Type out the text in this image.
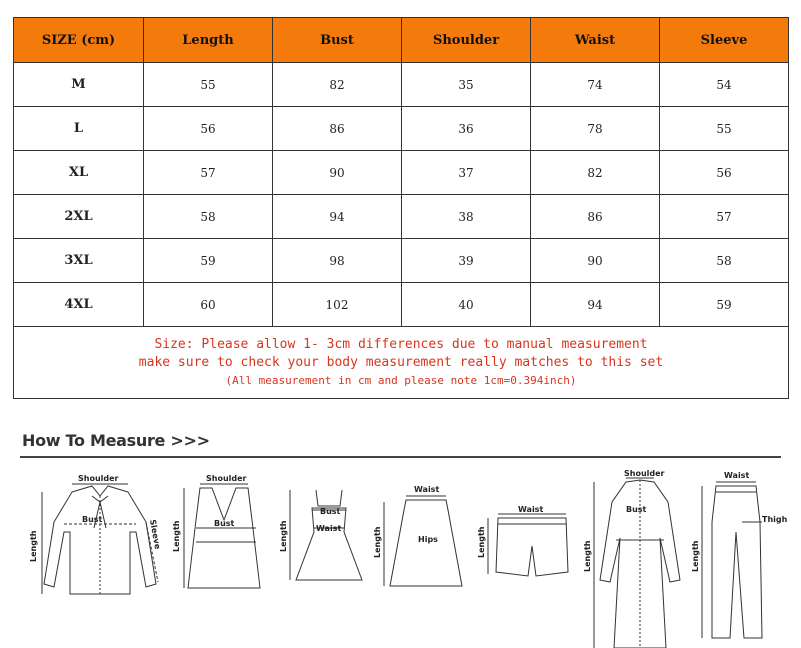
SIZE (cm)	Length	Bust	Shoulder	Waist	Sleeve
M	55	82	35	74	54
L	56	86	36	78	55
XL	57	90	37	82	56
2XL	58	94	38	86	57
3XL	59	98	39	90	58
4XL	60	102	40	94	59

Size: Please allow 1- 3cm differences due to manual measurement
make sure to check your body measurement really matches to this set
(All measurement in cm and please note 1cm=0.394inch)					
How To Measure >>>
Shoulder
Bust	Sleeve
Length
Shoulder
Bust
Length
Bust
Waist
Length
Waist
Hips
Length
Waist
Length
Shoulder
Bust
Length
Waist
Thigh
Length
